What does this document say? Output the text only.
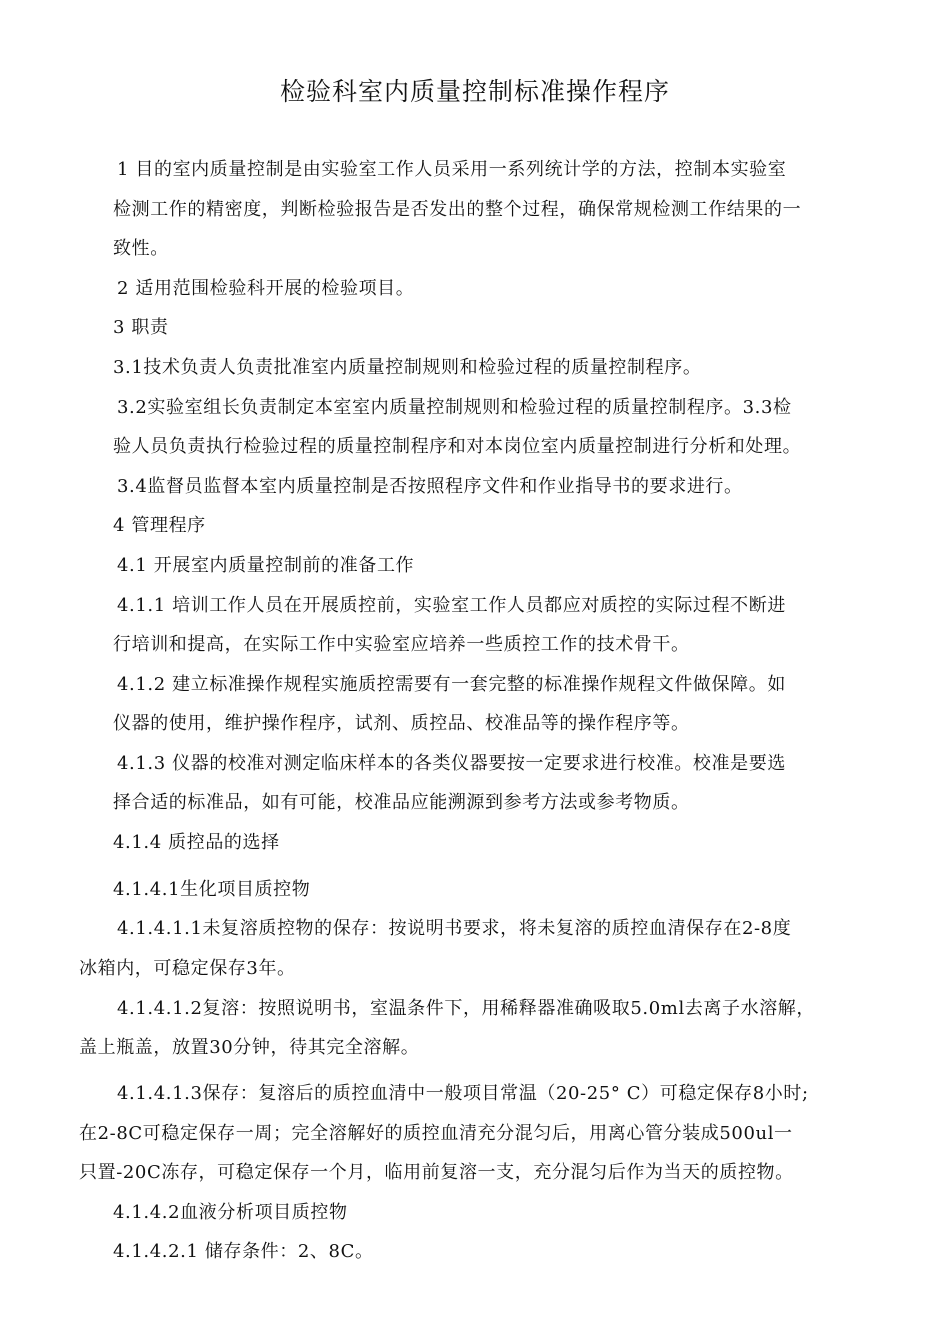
检验科室内质量控制标准操作程序
1 目的室内质量控制是由实验室工作人员采用一系列统计学的方法，控制本实验室
检测工作的精密度，判断检验报告是否发出的整个过程，确保常规检测工作结果的一
致性。
2 适用范围检验科开展的检验项目。
3 职责
3.1技术负责人负责批准室内质量控制规则和检验过程的质量控制程序。
3.2实验室组长负责制定本室室内质量控制规则和检验过程的质量控制程序。3.3检
验人员负责执行检验过程的质量控制程序和对本岗位室内质量控制进行分析和处理。
3.4监督员监督本室内质量控制是否按照程序文件和作业指导书的要求进行。
4 管理程序
4.1 开展室内质量控制前的准备工作
4.1.1 培训工作人员在开展质控前，实验室工作人员都应对质控的实际过程不断进
行培训和提高，在实际工作中实验室应培养一些质控工作的技术骨干。
4.1.2 建立标准操作规程实施质控需要有一套完整的标准操作规程文件做保障。如
仪器的使用，维护操作程序，试剂、质控品、校准品等的操作程序等。
4.1.3 仪器的校准对测定临床样本的各类仪器要按一定要求进行校准。校准是要选
择合适的标准品，如有可能，校准品应能溯源到参考方法或参考物质。
4.1.4 质控品的选择
4.1.4.1生化项目质控物
4.1.4.1.1未复溶质控物的保存：按说明书要求，将未复溶的质控血清保存在2-8度
冰箱内，可稳定保存3年。
4.1.4.1.2复溶：按照说明书，室温条件下，用稀释器准确吸取5.0ml去离子水溶解，
盖上瓶盖，放置30分钟，待其完全溶解。
4.1.4.1.3保存：复溶后的质控血清中一般项目常温（20-25° C）可稳定保存8小时;
在2-8C可稳定保存一周；完全溶解好的质控血清充分混匀后，用离心管分装成500ul一
只置-20C冻存，可稳定保存一个月，临用前复溶一支，充分混匀后作为当天的质控物。
4.1.4.2血液分析项目质控物
4.1.4.2.1 储存条件：2、8C。
